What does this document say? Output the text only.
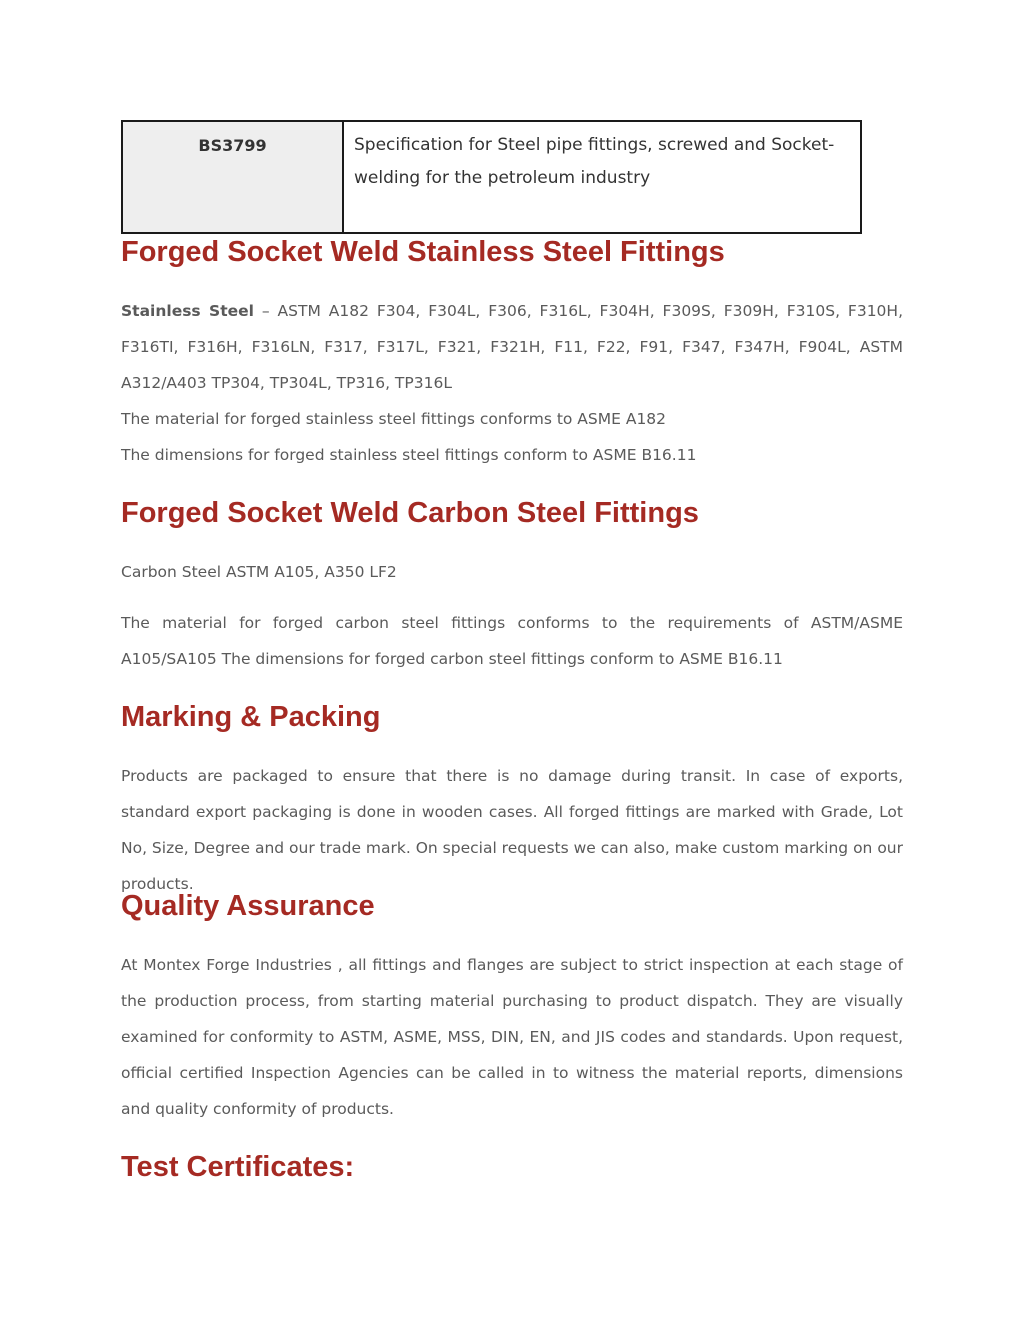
BS3799	Specification for Steel pipe fittings, screwed and Socket-welding for the petroleum industry
Forged Socket Weld Stainless Steel Fittings

Stainless Steel – ASTM A182 F304, F304L, F306, F316L, F304H, F309S, F309H, F310S, F310H, F316TI, F316H, F316LN, F317, F317L, F321, F321H, F11, F22, F91, F347, F347H, F904L, ASTM A312/A403 TP304, TP304L, TP316, TP316L

The material for forged stainless steel fittings conforms to ASME A182

The dimensions for forged stainless steel fittings conform to ASME B16.11

Forged Socket Weld Carbon Steel Fittings

Carbon Steel ASTM A105, A350 LF2

The material for forged carbon steel fittings conforms to the requirements of ASTM/ASME A105/SA105 The dimensions for forged carbon steel fittings conform to ASME B16.11

Marking & Packing

Products are packaged to ensure that there is no damage during transit. In case of exports, standard export packaging is done in wooden cases. All forged fittings are marked with Grade, Lot No, Size, Degree and our trade mark. On special requests we can also, make custom marking on our products.

Quality Assurance

At Montex Forge Industries , all fittings and flanges are subject to strict inspection at each stage of the production process, from starting material purchasing to product dispatch. They are visually examined for conformity to ASTM, ASME, MSS, DIN, EN, and JIS codes and standards. Upon request, official certified Inspection Agencies can be called in to witness the material reports, dimensions and quality conformity of products.

Test Certificates:
